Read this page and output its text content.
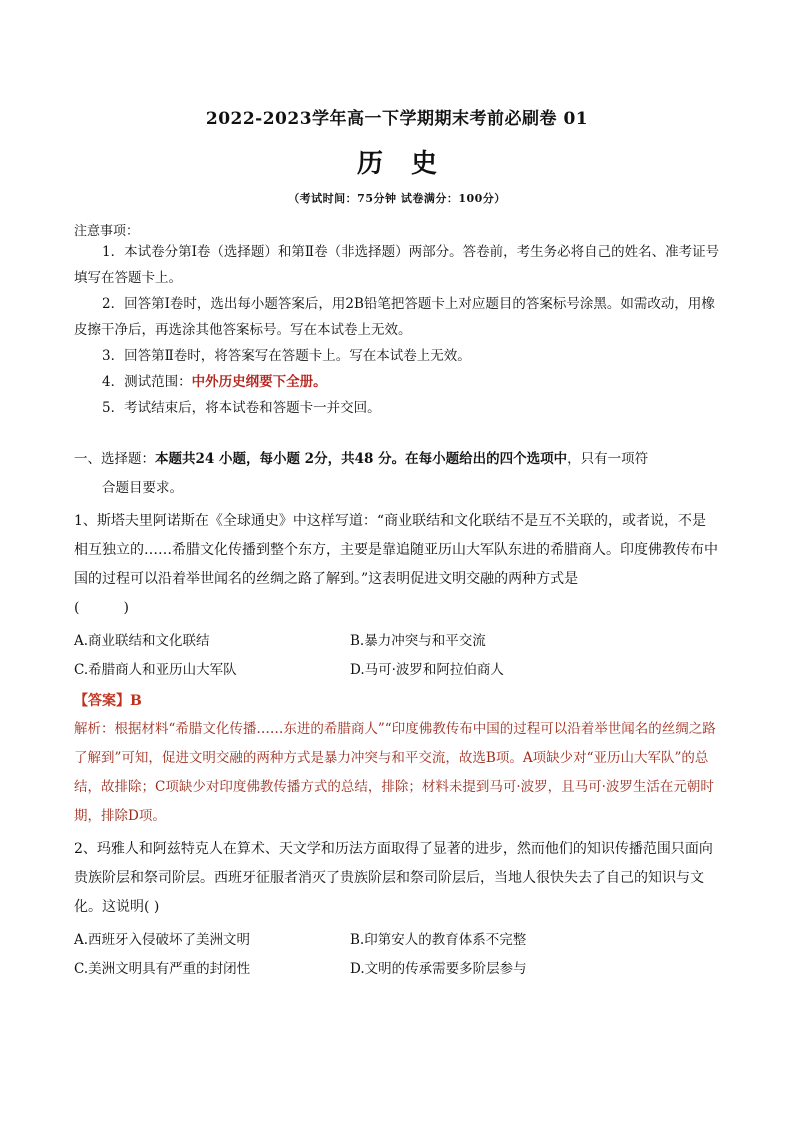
2022-2023学年高一下学期期末考前必刷卷 01
历史
（考试时间：75分钟 试卷满分：100分）
注意事项：

1．本试卷分第Ⅰ卷（选择题）和第Ⅱ卷（非选择题）两部分。答卷前，考生务必将自己的姓名、准考证号填写在答题卡上。

2．回答第Ⅰ卷时，选出每小题答案后，用2B铅笔把答题卡上对应题目的答案标号涂黑。如需改动，用橡皮擦干净后，再选涂其他答案标号。写在本试卷上无效。

3．回答第Ⅱ卷时，将答案写在答题卡上。写在本试卷上无效。

4．测试范围：中外历史纲要下全册。

5．考试结束后，将本试卷和答题卡一并交回。

一、选择题：本题共24 小题，每小题 2分，共48 分。在每小题给出的四个选项中，只有一项符
合题目要求。
1、斯塔夫里阿诺斯在《全球通史》中这样写道：“商业联结和文化联结不是互不关联的，或者说，不是相互独立的……希腊文化传播到整个东方，主要是靠追随亚历山大军队东进的希腊商人。印度佛教传布中国的过程可以沿着举世闻名的丝绸之路了解到。”这表明促进文明交融的两种方式是
(	)
A.商业联结和文化联结	B.暴力冲突与和平交流
C.希腊商人和亚历山大军队	D.马可·波罗和阿拉伯商人
【答案】B
解析：根据材料“希腊文化传播……东进的希腊商人”“印度佛教传布中国的过程可以沿着举世闻名的丝绸之路了解到”可知，促进文明交融的两种方式是暴力冲突与和平交流，故选B项。A项缺少对“亚历山大军队”的总结，故排除；C项缺少对印度佛教传播方式的总结，排除；材料未提到马可·波罗，且马可·波罗生活在元朝时期，排除D项。
2、玛雅人和阿兹特克人在算术、天文学和历法方面取得了显著的进步，然而他们的知识传播范围只面向贵族阶层和祭司阶层。西班牙征服者消灭了贵族阶层和祭司阶层后，当地人很快失去了自己的知识与文化。这说明( )
A.西班牙入侵破坏了美洲文明	B.印第安人的教育体系不完整
C.美洲文明具有严重的封闭性	D.文明的传承需要多阶层参与
